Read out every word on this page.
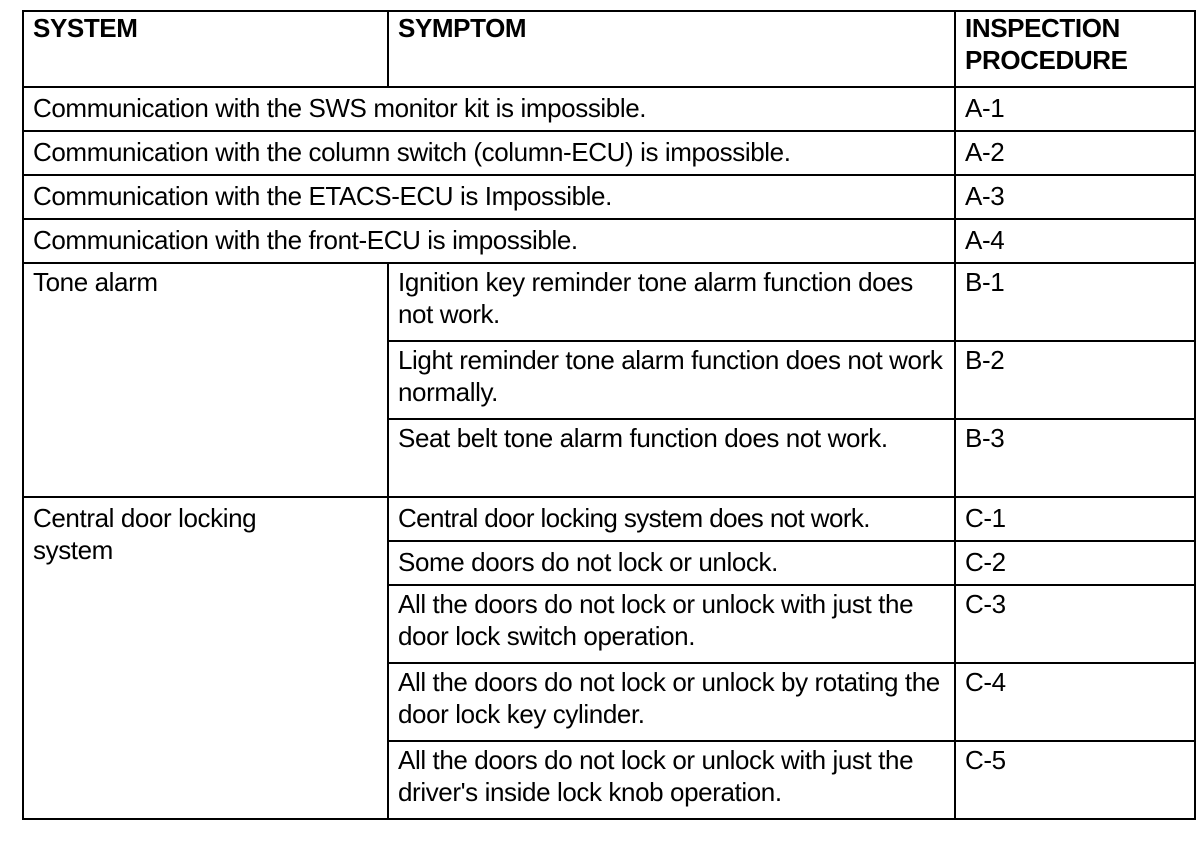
SYSTEM	SYMPTOM	INSPECTION PROCEDURE
Communication with the SWS monitor kit is impossible.		A-1
Communication with the column switch (column-ECU) is impossible.		A-2
Communication with the ETACS-ECU is Impossible.		A-3
Communication with the front-ECU is impossible.		A-4
Tone alarm	Ignition key reminder tone alarm function does not work.	B-1
	Light reminder tone alarm function does not work normally.	B-2
	Seat belt tone alarm function does not work.	B-3
Central door locking system	Central door locking system does not work.	C-1
	Some doors do not lock or unlock.	C-2
	All the doors do not lock or unlock with just the door lock switch operation.	C-3
	All the doors do not lock or unlock by rotating the door lock key cylinder.	C-4
	All the doors do not lock or unlock with just the driver's inside lock knob operation.	C-5
